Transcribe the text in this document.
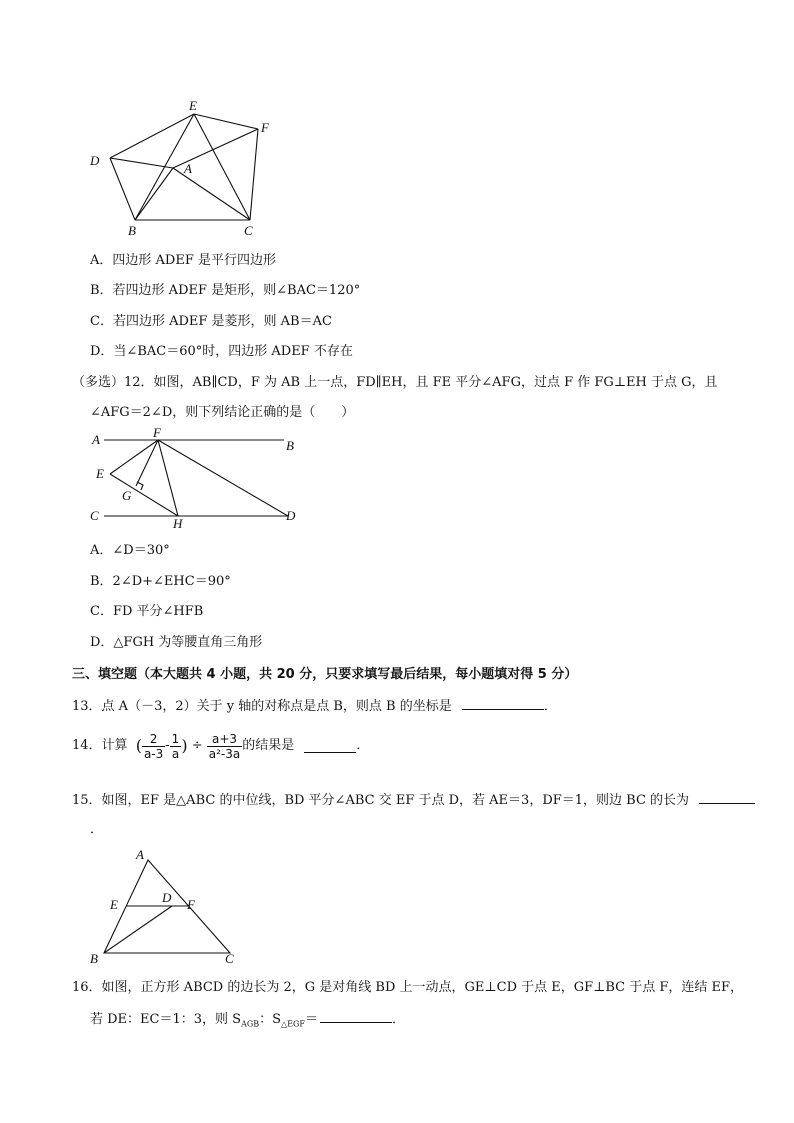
E
F
D
A
B	C
A．四边形 ADEF 是平行四边形
B．若四边形 ADEF 是矩形，则∠BAC＝120°
C．若四边形 ADEF 是菱形，则 AB＝AC
D．当∠BAC＝60°时，四边形 ADEF 不存在
（多选）12．如图，AB∥CD，F 为 AB 上一点，FD∥EH，且 FE 平分∠AFG，过点 F 作 FG⊥EH 于点 G，且
∠AFG＝2∠D，则下列结论正确的是（　　）
A	F
B
E
G
C
H
D
A．∠D＝30°
B．2∠D+∠EHC＝90°
C．FD 平分∠HFB
D．△FGH 为等腰直角三角形
三、填空题（本大题共 4 小题，共 20 分，只要求填写最后结果，每小题填对得 5 分）
13．点 A（－3，2）关于 y 轴的对称点是点 B，则点 B 的坐标是	．
14．计算 ( $\frac{2}{a-3} - \frac{1}{a}$ ) ÷ $\frac{a+3}{\text{a²-3a}}$ 的结果是	．
15．如图，EF 是△ABC 的中位线，BD 平分∠ABC 交 EF 于点 D，若 AE＝3，DF＝1，则边 BC 的长为
．
A
E	D F
B	C
16．如图，正方形 ABCD 的边长为 2，G 是对角线 BD 上一动点，GE⊥CD 于点 E，GF⊥BC 于点 F，连结 EF，
若 DE：EC＝1：3，则 $S_{AGB}$：$S_{\triangle EGF}=$	．
